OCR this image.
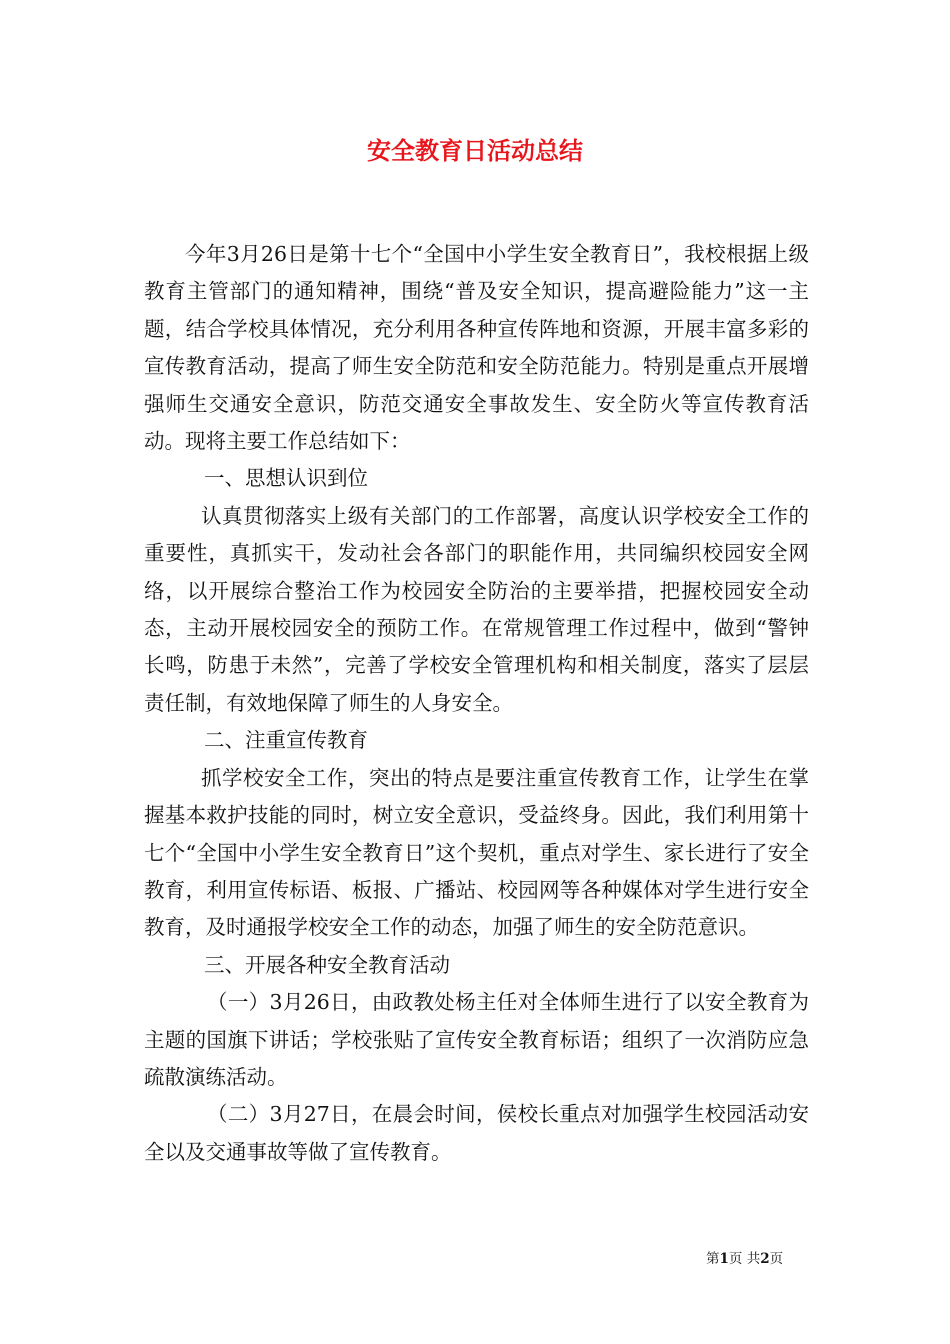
安全教育日活动总结

今年3月26日是第十七个“全国中小学生安全教育日”，我校根据上级教育主管部门的通知精神，围绕“普及安全知识，提高避险能力”这一主题，结合学校具体情况，充分利用各种宣传阵地和资源，开展丰富多彩的宣传教育活动，提高了师生安全防范和安全防范能力。特别是重点开展增强师生交通安全意识，防范交通安全事故发生、安全防火等宣传教育活动。现将主要工作总结如下：

一、思想认识到位

认真贯彻落实上级有关部门的工作部署，高度认识学校安全工作的重要性，真抓实干，发动社会各部门的职能作用，共同编织校园安全网络，以开展综合整治工作为校园安全防治的主要举措，把握校园安全动态，主动开展校园安全的预防工作。在常规管理工作过程中，做到“警钟长鸣，防患于未然”，完善了学校安全管理机构和相关制度，落实了层层责任制，有效地保障了师生的人身安全。

二、注重宣传教育

抓学校安全工作，突出的特点是要注重宣传教育工作，让学生在掌握基本救护技能的同时，树立安全意识，受益终身。因此，我们利用第十七个“全国中小学生安全教育日”这个契机，重点对学生、家长进行了安全教育，利用宣传标语、板报、广播站、校园网等各种媒体对学生进行安全教育，及时通报学校安全工作的动态，加强了师生的安全防范意识。

三、开展各种安全教育活动

（一）3月26日，由政教处杨主任对全体师生进行了以安全教育为主题的国旗下讲话；学校张贴了宣传安全教育标语；组织了一次消防应急疏散演练活动。

（二）3月27日，在晨会时间，侯校长重点对加强学生校园活动安全以及交通事故等做了宣传教育。

第1页 共2页
